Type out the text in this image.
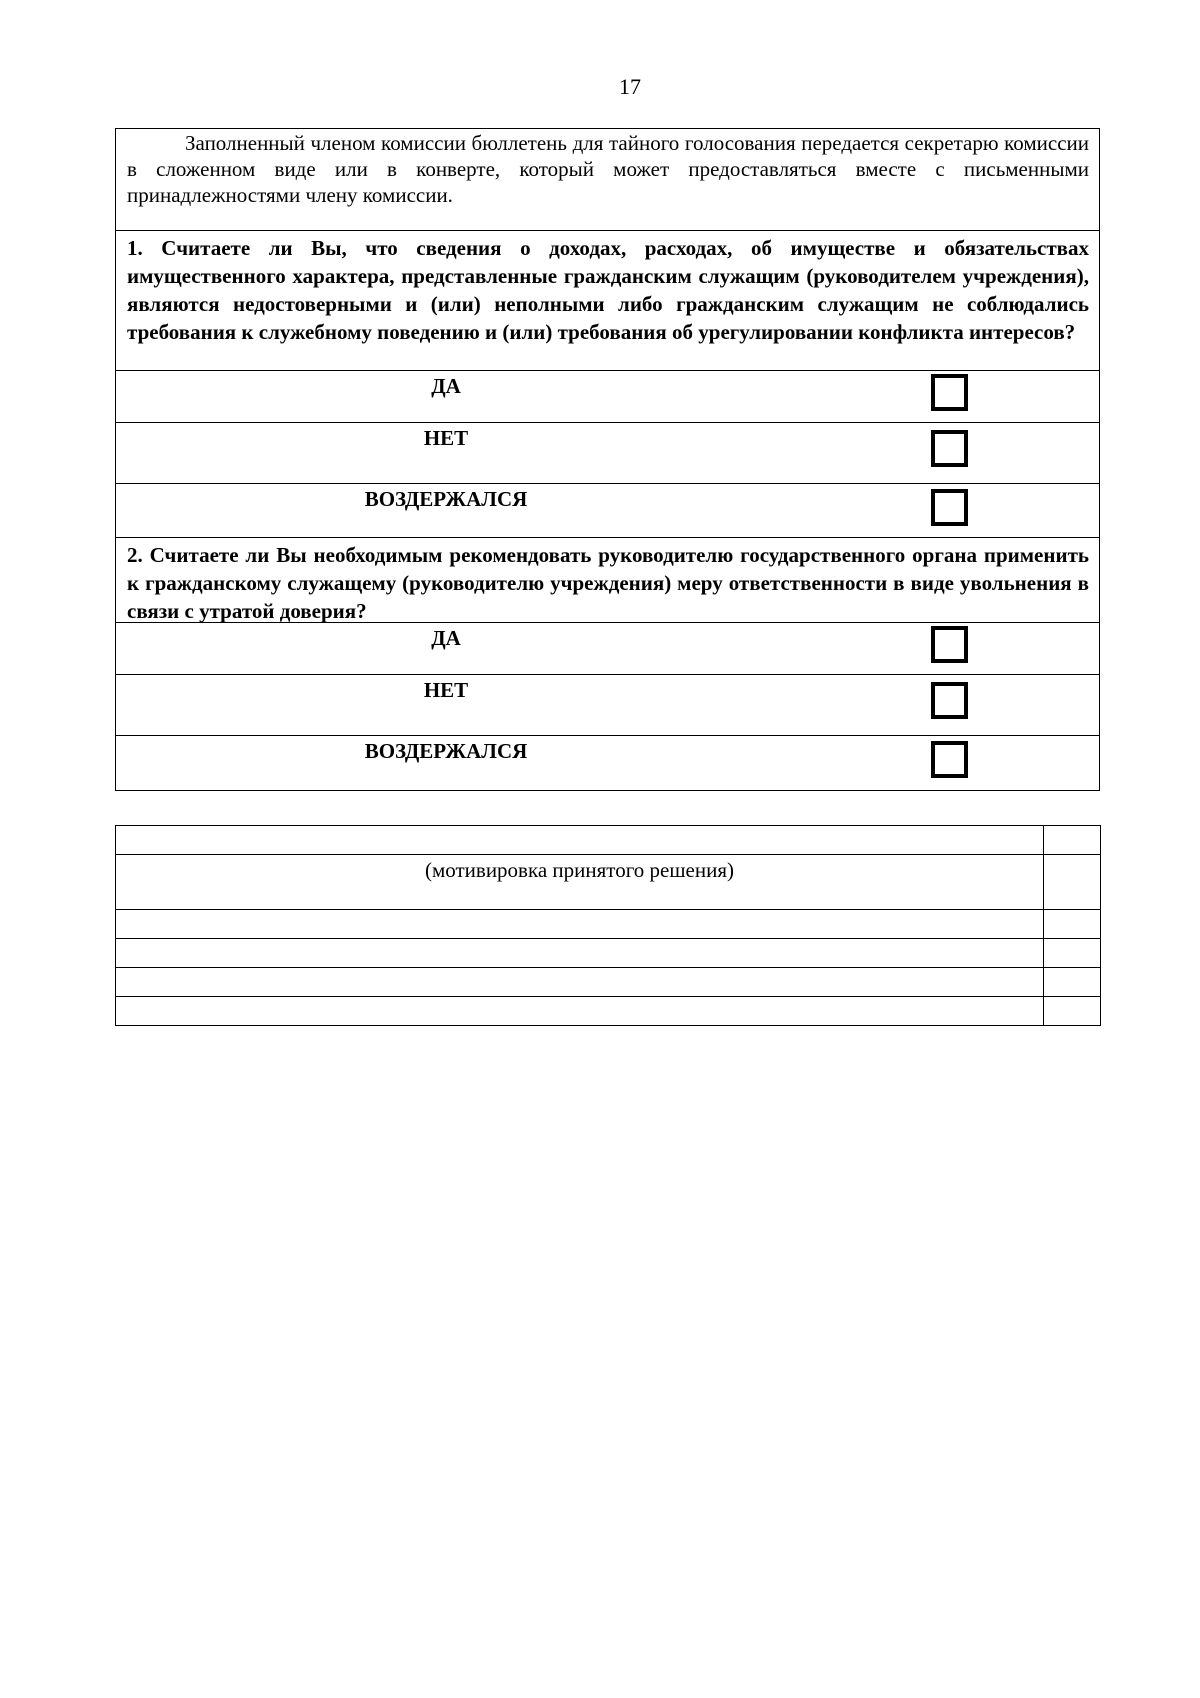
17

Заполненный членом комиссии бюллетень для тайного голосования передается секретарю комиссии в сложенном виде или в конверте, который может предоставляться вместе с письменными принадлежностями члену комиссии.

1. Считаете ли Вы, что сведения о доходах, расходах, об имуществе и обязательствах имущественного характера, представленные гражданским служащим (руководителем учреждения), являются недостоверными и (или) неполными либо гражданским служащим не соблюдались требования к служебному поведению и (или) требования об урегулировании конфликта интересов?
ДА
НЕТ
ВОЗДЕРЖАЛСЯ
2. Считаете ли Вы необходимым рекомендовать руководителю государственного органа применить к гражданскому служащему (руководителю учреждения) меру ответственности в виде увольнения в связи с утратой доверия?
ДА
НЕТ
ВОЗДЕРЖАЛСЯ

(мотивировка принятого решения)	
